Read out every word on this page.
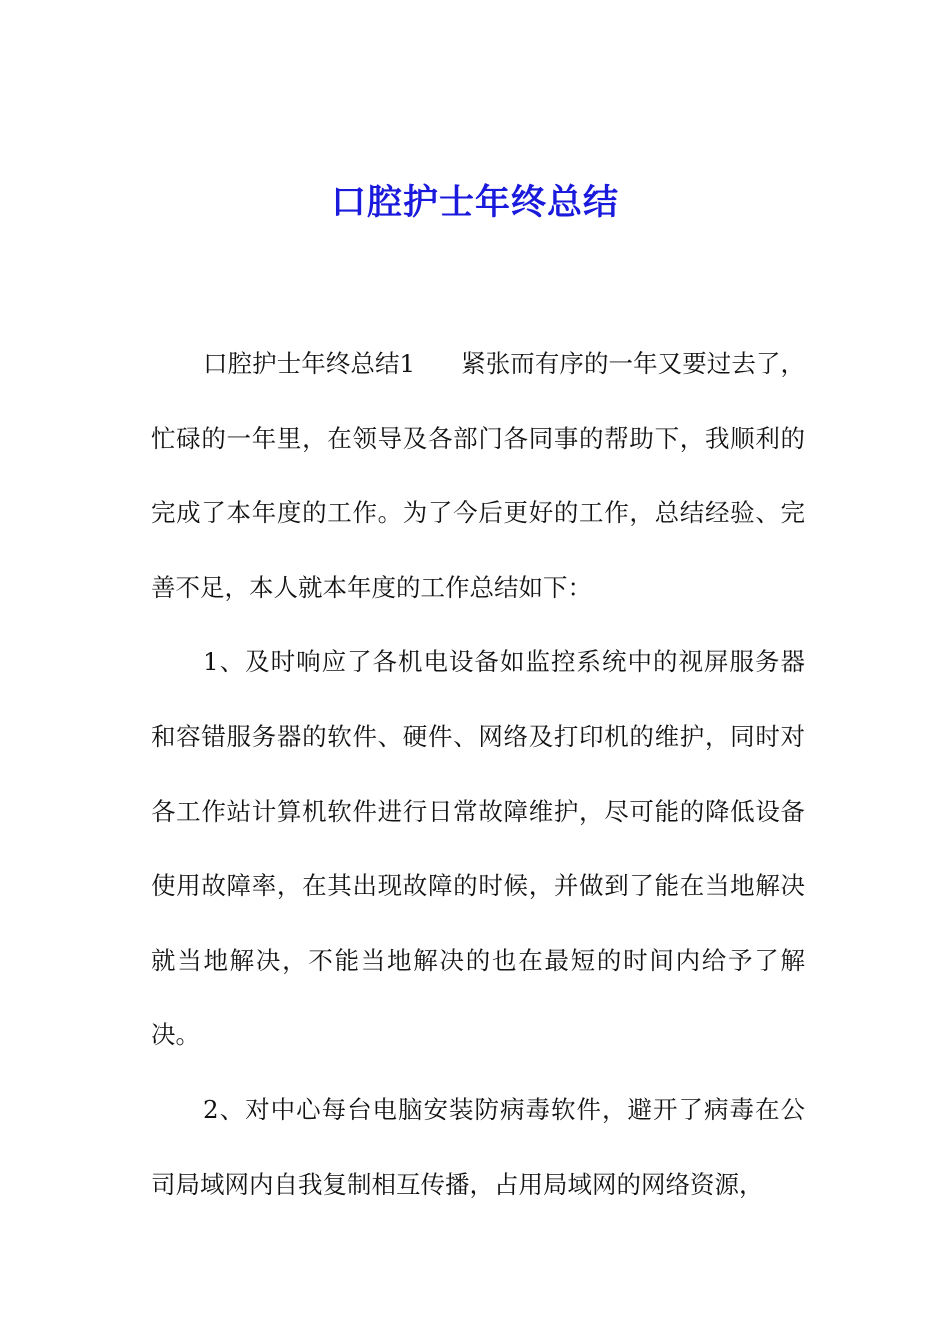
口腔护士年终总结

口腔护士年终总结1 紧张而有序的一年又要过去了，忙碌的一年里，在领导及各部门各同事的帮助下，我顺利的完成了本年度的工作。为了今后更好的工作，总结经验、完善不足，本人就本年度的工作总结如下：

1、及时响应了各机电设备如监控系统中的视屏服务器和容错服务器的软件、硬件、网络及打印机的维护，同时对各工作站计算机软件进行日常故障维护，尽可能的降低设备使用故障率，在其出现故障的时候，并做到了能在当地解决就当地解决，不能当地解决的也在最短的时间内给予了解决。

2、对中心每台电脑安装防病毒软件，避开了病毒在公司局域网内自我复制相互传播，占用局域网的网络资源，
